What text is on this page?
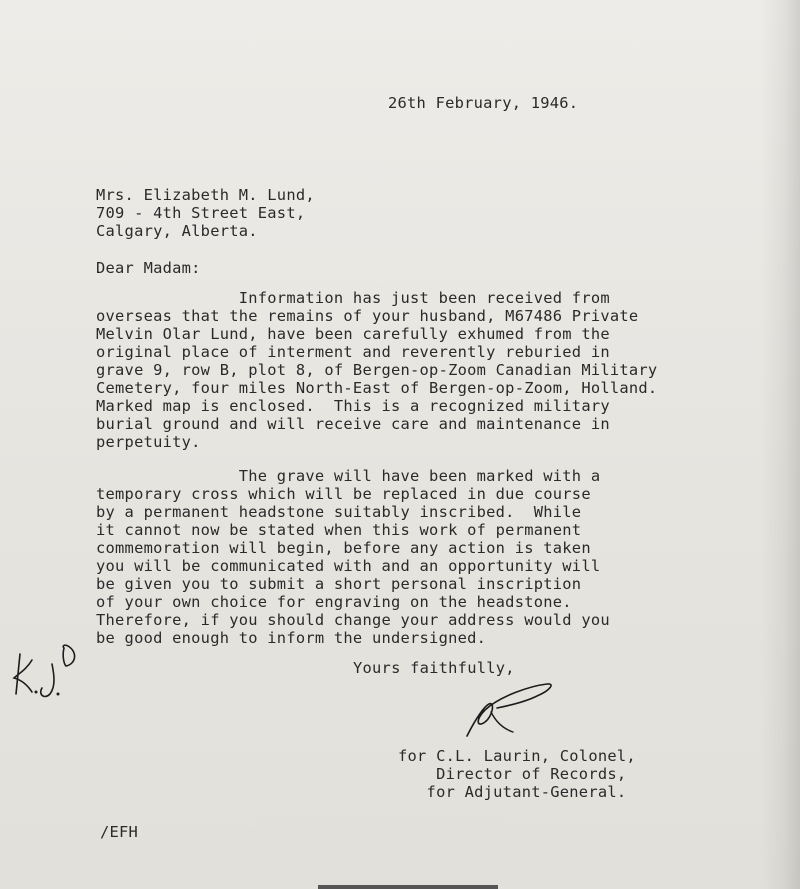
26th February, 1946.
Mrs. Elizabeth M. Lund,
709 - 4th Street East,
Calgary, Alberta.
Dear Madam:
Information has just been received from
overseas that the remains of your husband, M67486 Private
Melvin Olar Lund, have been carefully exhumed from the
original place of interment and reverently reburied in
grave 9, row B, plot 8, of Bergen-op-Zoom Canadian Military
Cemetery, four miles North-East of Bergen-op-Zoom, Holland.
Marked map is enclosed.  This is a recognized military
burial ground and will receive care and maintenance in
perpetuity.
The grave will have been marked with a
temporary cross which will be replaced in due course
by a permanent headstone suitably inscribed.  While
it cannot now be stated when this work of permanent
commemoration will begin, before any action is taken
you will be communicated with and an opportunity will
be given you to submit a short personal inscription
of your own choice for engraving on the headstone.
Therefore, if you should change your address would you
be good enough to inform the undersigned.
Yours faithfully,
for C.L. Laurin, Colonel,
Director of Records,
for Adjutant-General.
/EFH
